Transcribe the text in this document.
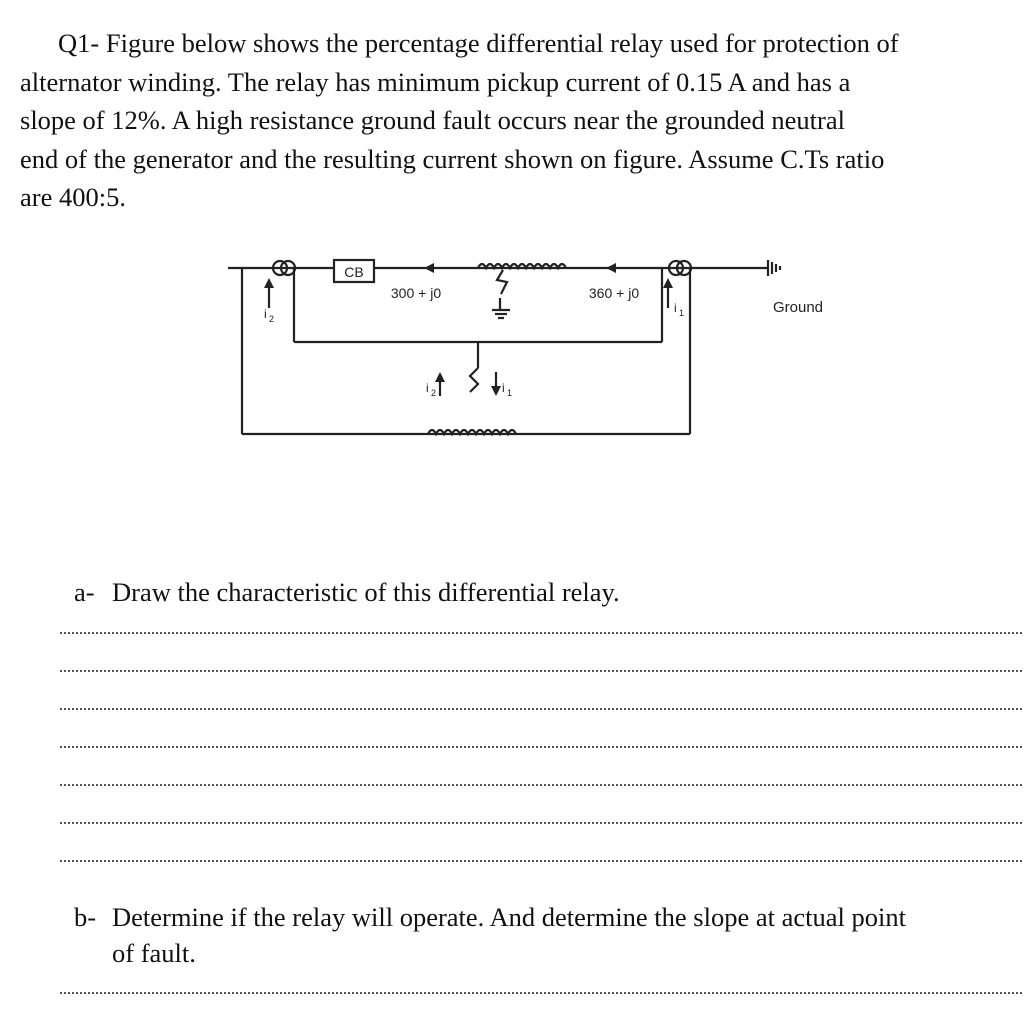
Q1- Figure below shows the percentage differential relay used for protection of

alternator winding. The relay has minimum pickup current of 0.15 A and has a

slope of 12%. A high resistance ground fault occurs near the grounded neutral

end of the generator and the resulting current shown on figure. Assume C.Ts ratio

are 400:5.

CB
300 + j0	360 + j0
Ground
i 2
i 1
i 2	i 1
a- Draw the characteristic of this differential relay.
b- Determine if the relay will operate. And determine the slope at actual point
of fault.
